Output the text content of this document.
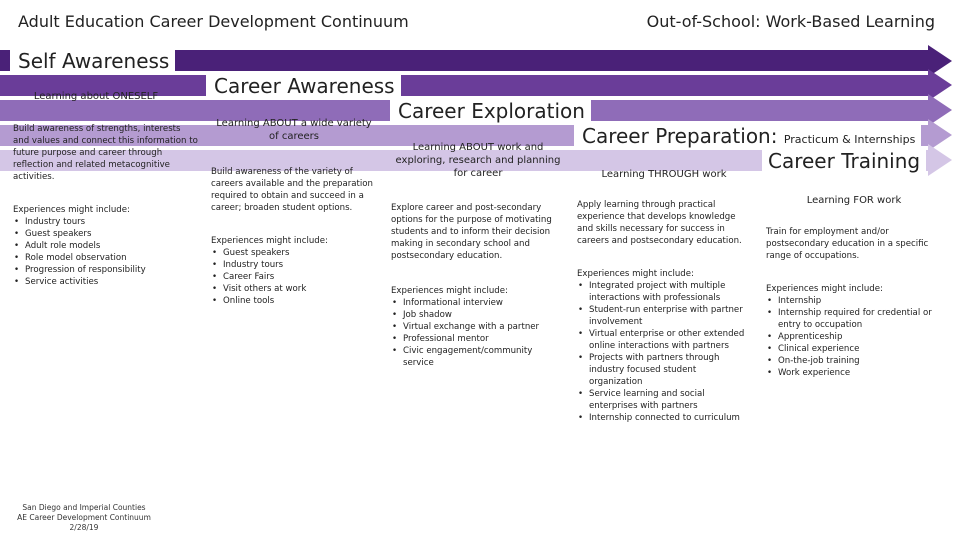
Adult Education Career Development Continuum	Out-of-School: Work-Based Learning
Self Awareness
Career Awareness
Career Exploration
Career Preparation: Practicum & Internships
Career Training
Learning about ONESELF
Build awareness of strengths, interests and values and connect this information to future purpose and career through reflection and related metacognitive activities.
Experiences might include:
• Industry tours
• Guest speakers
• Adult role models
• Role model observation
• Progression of responsibility
• Service activities
Learning ABOUT a wide variety of careers
Build awareness of the variety of careers available and the preparation required to obtain and succeed in a career; broaden student options.
Experiences might include:
• Guest speakers
• Industry tours
• Career Fairs
• Visit others at work
• Online tools
Learning ABOUT work and exploring, research and planning for career
Explore career and post-secondary options for the purpose of motivating students and to inform their decision making in secondary school and postsecondary education.
Experiences might include:
• Informational interview
• Job shadow
• Virtual exchange with a partner
• Professional mentor
• Civic engagement/community service
Learning THROUGH work
Apply learning through practical experience that develops knowledge and skills necessary for success in careers and postsecondary education.
Experiences might include:
• Integrated project with multiple interactions with professionals
• Student-run enterprise with partner involvement
• Virtual enterprise or other extended online interactions with partners
• Projects with partners through industry focused student organization
• Service learning and social enterprises with partners
• Internship connected to curriculum
Learning FOR work
Train for employment and/or postsecondary education in a specific range of occupations.
Experiences might include:
• Internship
• Internship required for credential or entry to occupation
• Apprenticeship
• Clinical experience
• On-the-job training
• Work experience
San Diego and Imperial Counties
AE Career Development Continuum
2/28/19
